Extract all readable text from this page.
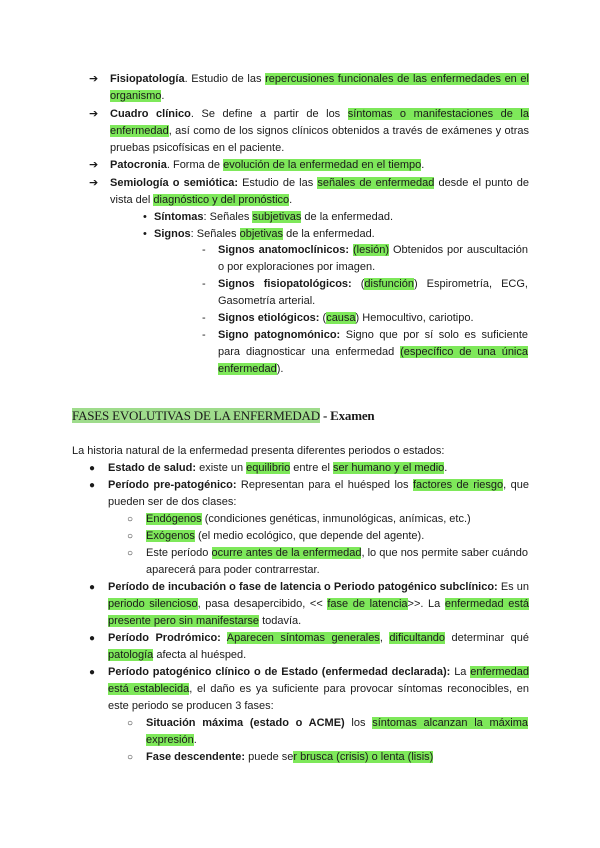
➔	Fisiopatología. Estudio de las repercusiones funcionales de las enfermedades en el organismo.
➔	Cuadro clínico. Se define a partir de los síntomas o manifestaciones de la enfermedad, así como de los signos clínicos obtenidos a través de exámenes y otras pruebas psicofísicas en el paciente.
➔	Patocronia. Forma de evolución de la enfermedad en el tiempo.
➔	Semiología o semiótica: Estudio de las señales de enfermedad desde el punto de vista del diagnóstico y del pronóstico.
• Síntomas: Señales subjetivas de la enfermedad.
• Signos: Señales objetivas de la enfermedad.
- Signos anatomoclínicos: (lesión) Obtenidos por auscultación o por exploraciones por imagen.
- Signos fisiopatológicos: (disfunción) Espirometría, ECG, Gasometría arterial.
- Signos etiológicos: (causa) Hemocultivo, cariotipo.
- Signo patognomónico: Signo que por sí solo es suficiente para diagnosticar una enfermedad (específico de una única enfermedad).
FASES EVOLUTIVAS DE LA ENFERMEDAD - Examen
La historia natural de la enfermedad presenta diferentes periodos o estados:
● Estado de salud: existe un equilibrio entre el ser humano y el medio.
● Período pre-patogénico: Representan para el huésped los factores de riesgo, que pueden ser de dos clases:
○ Endógenos (condiciones genéticas, inmunológicas, anímicas, etc.)
○ Exógenos (el medio ecológico, que depende del agente).
○ Este período ocurre antes de la enfermedad, lo que nos permite saber cuándo aparecerá para poder contrarrestar.
● Período de incubación o fase de latencia o Periodo patogénico subclínico: Es un periodo silencioso, pasa desapercibido, << fase de latencia>>. La enfermedad está presente pero sin manifestarse todavía.
● Período Prodrómico: Aparecen síntomas generales, dificultando determinar qué patología afecta al huésped.
● Período patogénico clínico o de Estado (enfermedad declarada): La enfermedad está establecida, el daño es ya suficiente para provocar síntomas reconocibles, en este periodo se producen 3 fases:
○ Situación máxima (estado o ACME) los síntomas alcanzan la máxima expresión.
○ Fase descendente: puede ser brusca (crisis) o lenta (lisis)
